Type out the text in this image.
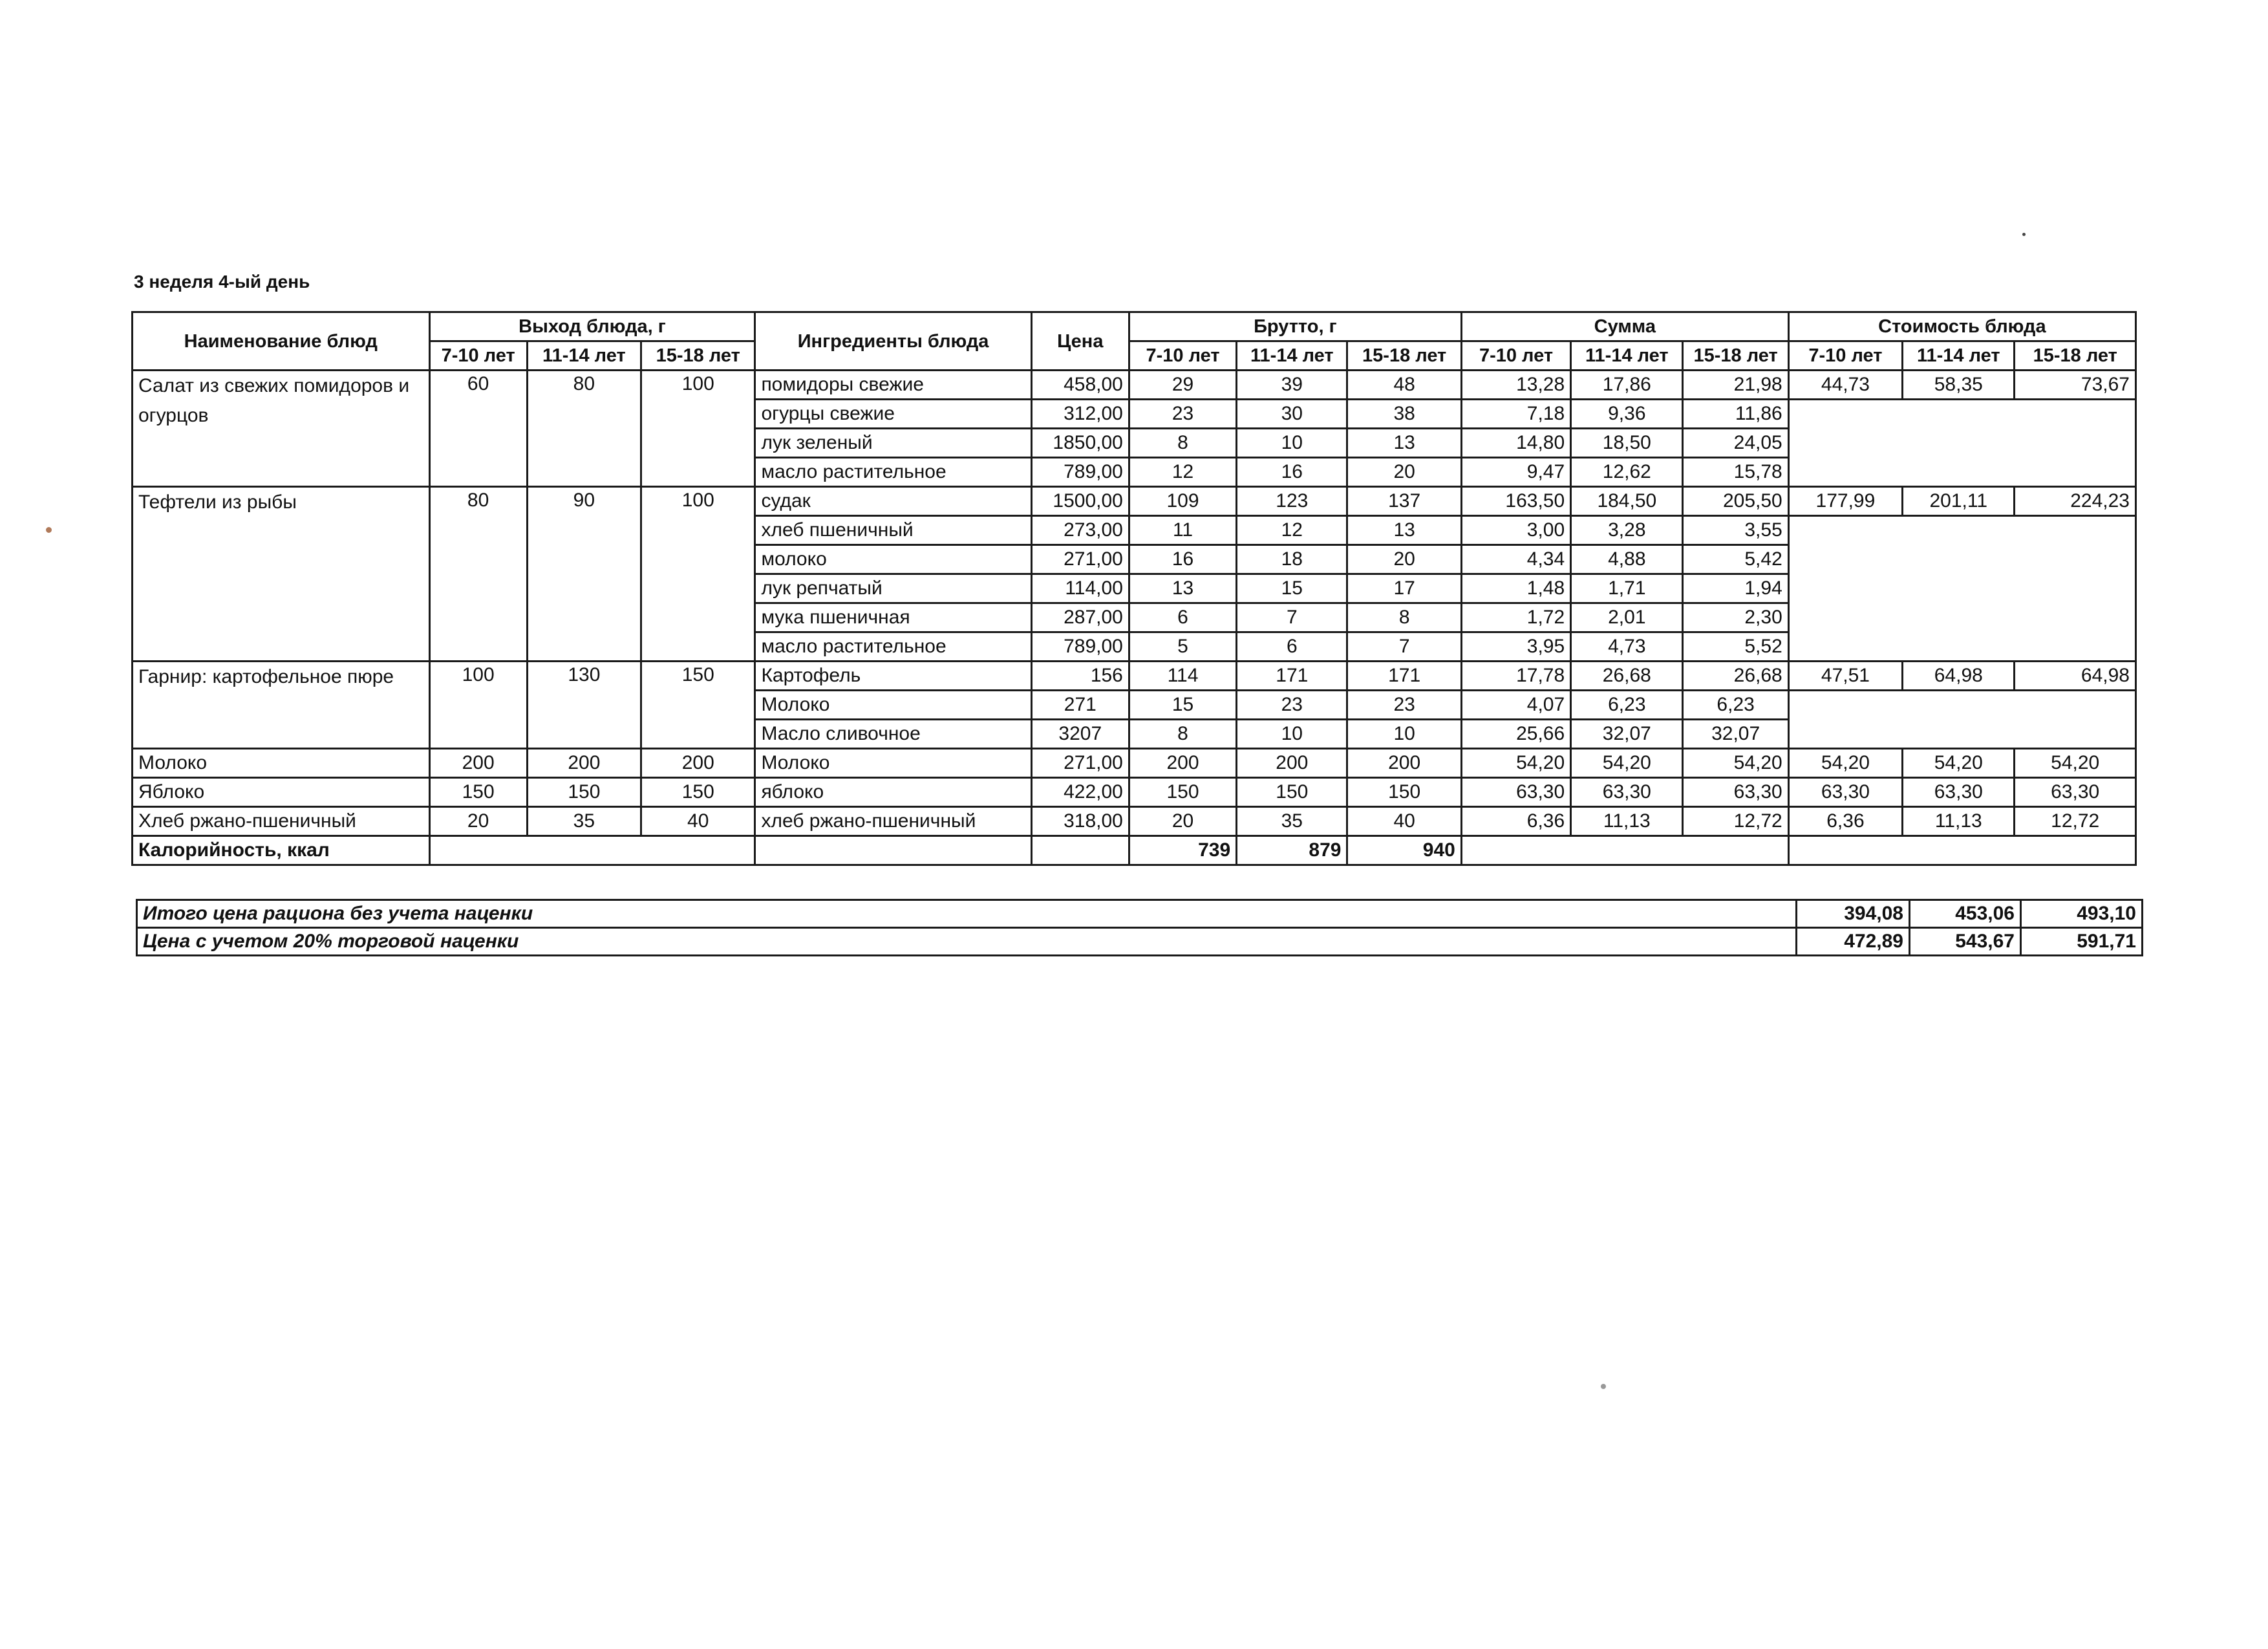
3 неделя 4-ый день
Наименование блюд	Выход блюда, г			Ингредиенты блюда	Цена	Брутто, г			Сумма			Стоимость блюда		
	7-10 лет	11-14 лет	15-18 лет			7-10 лет	11-14 лет	15-18 лет	7-10 лет	11-14 лет	15-18 лет	7-10 лет	11-14 лет	15-18 лет
Салат из свежих помидоров и огурцов	60	80	100	помидоры свежие	458,00	29	39	48	13,28	17,86	21,98	44,73	58,35	73,67
				огурцы свежие	312,00	23	30	38	7,18	9,36	11,86			
				лук зеленый	1850,00	8	10	13	14,80	18,50	24,05			
				масло растительное	789,00	12	16	20	9,47	12,62	15,78			
Тефтели из рыбы	80	90	100	судак	1500,00	109	123	137	163,50	184,50	205,50	177,99	201,11	224,23
				хлеб пшеничный	273,00	11	12	13	3,00	3,28	3,55			
				молоко	271,00	16	18	20	4,34	4,88	5,42			
				лук репчатый	114,00	13	15	17	1,48	1,71	1,94			
				мука пшеничная	287,00	6	7	8	1,72	2,01	2,30			
				масло растительное	789,00	5	6	7	3,95	4,73	5,52			
Гарнир: картофельное пюре	100	130	150	Картофель	156	114	171	171	17,78	26,68	26,68	47,51	64,98	64,98
				Молоко	271	15	23	23	4,07	6,23	6,23			
				Масло сливочное	3207	8	10	10	25,66	32,07	32,07			
Молоко	200	200	200	Молоко	271,00	200	200	200	54,20	54,20	54,20	54,20	54,20	54,20
Яблоко	150	150	150	яблоко	422,00	150	150	150	63,30	63,30	63,30	63,30	63,30	63,30
Хлеб ржано-пшеничный	20	35	40	хлеб ржано-пшеничный	318,00	20	35	40	6,36	11,13	12,72	6,36	11,13	12,72
Калорийность, ккал						739	879	940						
Итого цена рациона без учета наценки	394,08	453,06	493,10
Цена с учетом 20% торговой наценки	472,89	543,67	591,71
